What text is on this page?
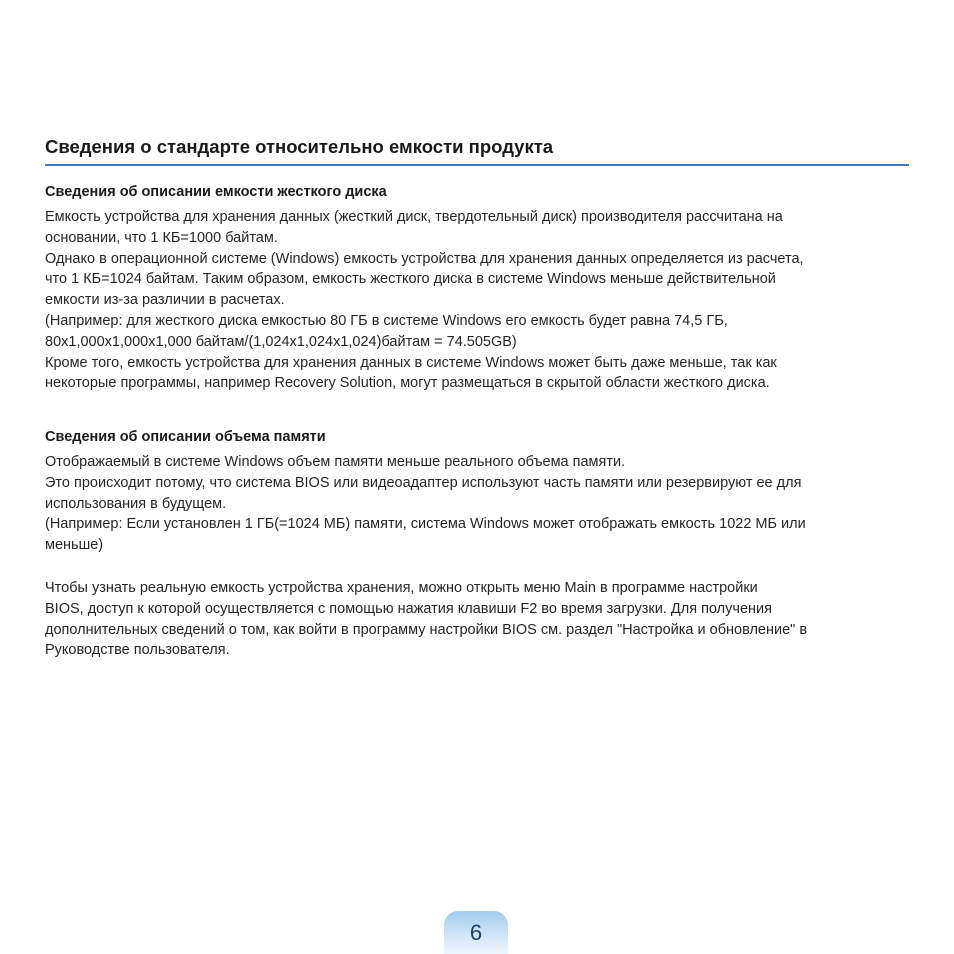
Сведения о стандарте относительно емкости продукта
Сведения об описании емкости жесткого диска

Емкость устройства для хранения данных (жесткий диск, твердотельный диск) производителя рассчитана на

основании, что 1 КБ=1000 байтам.

Однако в операционной системе (Windows) емкость устройства для хранения данных определяется из расчета,

что 1 КБ=1024 байтам. Таким образом, емкость жесткого диска в системе Windows меньше действительной

емкости из-за различии в расчетах.

(Например: для жесткого диска емкостью 80 ГБ в системе Windows его емкость будет равна 74,5 ГБ,

80x1,000x1,000x1,000 байтам/(1,024x1,024x1,024)байтам = 74.505GB)

Кроме того, емкость устройства для хранения данных в системе Windows может быть даже меньше, так как

некоторые программы, например Recovery Solution, могут размещаться в скрытой области жесткого диска.

Сведения об описании объема памяти

Отображаемый в системе Windows объем памяти меньше реального объема памяти.

Это происходит потому, что система BIOS или видеоадаптер используют часть памяти или резервируют ее для

использования в будущем.

(Например: Если установлен 1 ГБ(=1024 МБ) памяти, система Windows может отображать емкость 1022 МБ или

меньше)

Чтобы узнать реальную емкость устройства хранения, можно открыть меню Main в программе настройки

BIOS, доступ к которой осуществляется с помощью нажатия клавиши F2 во время загрузки. Для получения

дополнительных сведений о том, как войти в программу настройки BIOS см. раздел "Настройка и обновление" в

Руководстве пользователя.

6
